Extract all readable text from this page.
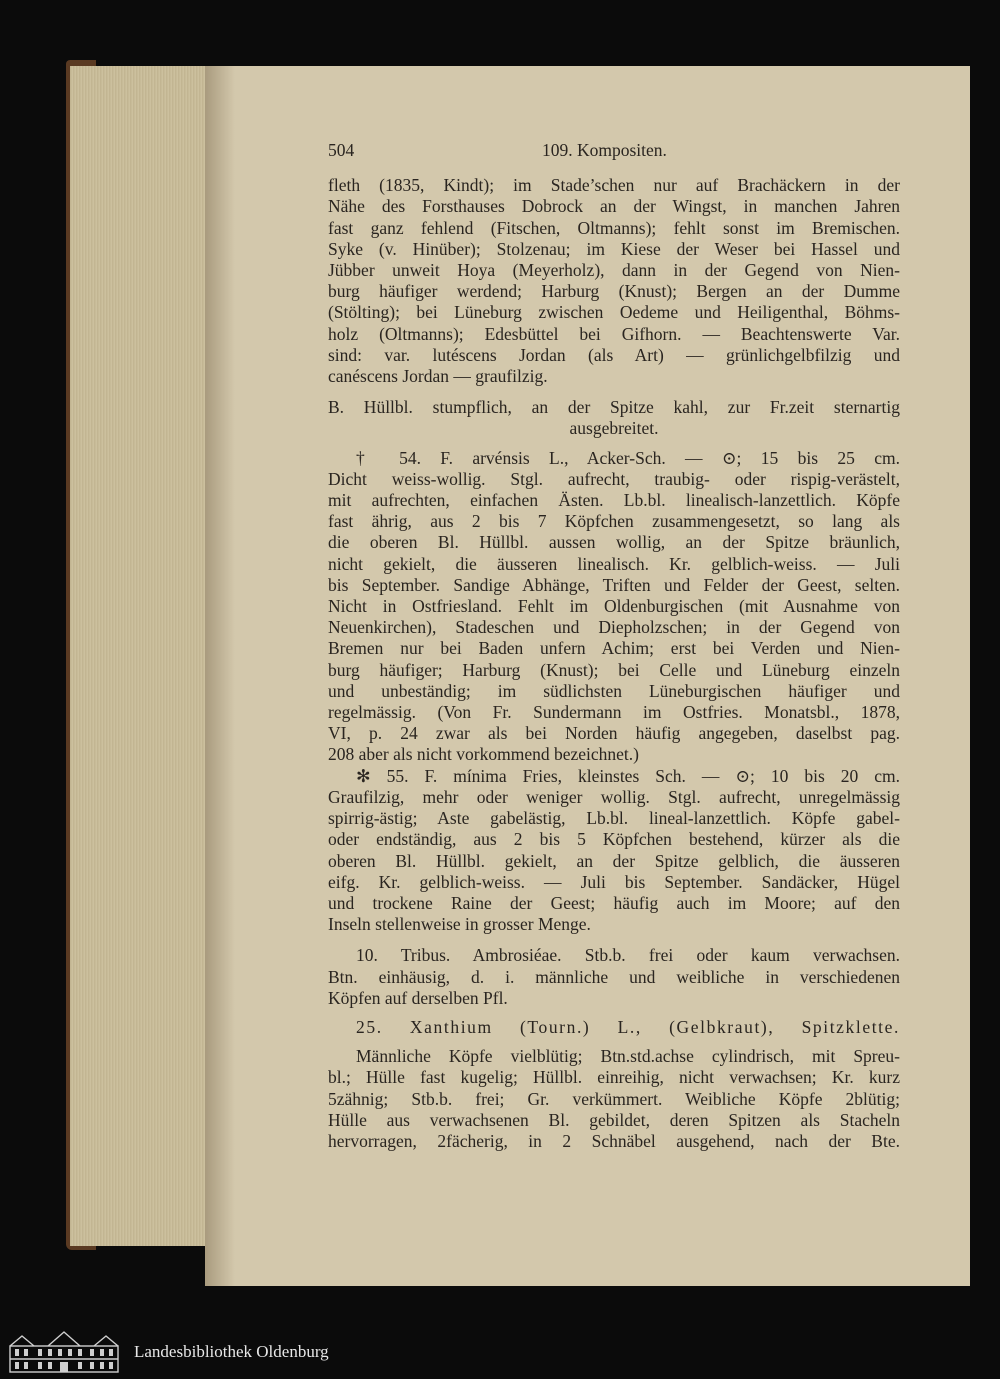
504	109. Kompositen.

fleth (1835, Kindt); im Stade’schen nur auf Brachäckern in der
Nähe des Forsthauses Dobrock an der Wingst, in manchen Jahren
fast ganz fehlend (Fitschen, Oltmanns); fehlt sonst im Bremischen.
Syke (v. Hinüber); Stolzenau; im Kiese der Weser bei Hassel und
Jübber unweit Hoya (Meyerholz), dann in der Gegend von Nien-
burg häufiger werdend; Harburg (Knust); Bergen an der Dumme
(Stölting); bei Lüneburg zwischen Oedeme und Heiligenthal, Böhms-
holz (Oltmanns); Edesbüttel bei Gifhorn. — Beachtenswerte Var.
sind: var. lutéscens Jordan (als Art) — grünlichgelbfilzig und
canéscens Jordan — graufilzig.

B. Hüllbl. stumpflich, an der Spitze kahl, zur Fr.zeit sternartig
ausgebreitet.

† 54. F. arvénsis L., Acker-Sch. — ⊙; 15 bis 25 cm.
Dicht weiss-wollig. Stgl. aufrecht, traubig- oder rispig-verästelt,
mit aufrechten, einfachen Ästen. Lb.bl. linealisch-lanzettlich. Köpfe
fast ährig, aus 2 bis 7 Köpfchen zusammengesetzt, so lang als
die oberen Bl. Hüllbl. aussen wollig, an der Spitze bräunlich,
nicht gekielt, die äusseren linealisch. Kr. gelblich-weiss. — Juli
bis September. Sandige Abhänge, Triften und Felder der Geest, selten.
Nicht in Ostfriesland. Fehlt im Oldenburgischen (mit Ausnahme von
Neuenkirchen), Stadeschen und Diepholzschen; in der Gegend von
Bremen nur bei Baden unfern Achim; erst bei Verden und Nien-
burg häufiger; Harburg (Knust); bei Celle und Lüneburg einzeln
und unbeständig; im südlichsten Lüneburgischen häufiger und
regelmässig. (Von Fr. Sundermann im Ostfries. Monatsbl., 1878,
VI, p. 24 zwar als bei Norden häufig angegeben, daselbst pag.
208 aber als nicht vorkommend bezeichnet.)

✻ 55. F. mínima Fries, kleinstes Sch. — ⊙; 10 bis 20 cm.
Graufilzig, mehr oder weniger wollig. Stgl. aufrecht, unregelmässig
spirrig-ästig; Aste gabelästig, Lb.bl. lineal-lanzettlich. Köpfe gabel-
oder endständig, aus 2 bis 5 Köpfchen bestehend, kürzer als die
oberen Bl. Hüllbl. gekielt, an der Spitze gelblich, die äusseren
eifg. Kr. gelblich-weiss. — Juli bis September. Sandäcker, Hügel
und trockene Raine der Geest; häufig auch im Moore; auf den
Inseln stellenweise in grosser Menge.

10. Tribus. Ambrosiéae. Stb.b. frei oder kaum verwachsen.
Btn. einhäusig, d. i. männliche und weibliche in verschiedenen
Köpfen auf derselben Pfl.

25. Xanthium (Tourn.) L., (Gelbkraut), Spitzklette.

Männliche Köpfe vielblütig; Btn.std.achse cylindrisch, mit Spreu-
bl.; Hülle fast kugelig; Hüllbl. einreihig, nicht verwachsen; Kr. kurz
5zähnig; Stb.b. frei; Gr. verkümmert. Weibliche Köpfe 2blütig;
Hülle aus verwachsenen Bl. gebildet, deren Spitzen als Stacheln
hervorragen, 2fächerig, in 2 Schnäbel ausgehend, nach der Bte.

Landesbibliothek Oldenburg
